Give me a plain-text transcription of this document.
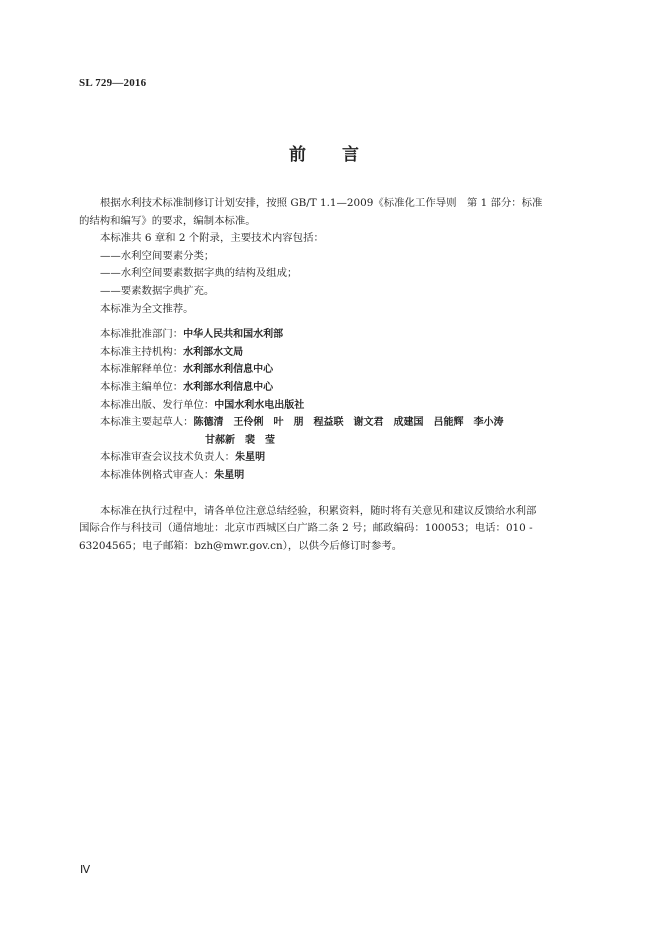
SL 729—2016
前言

根据水利技术标准制修订计划安排，按照 GB/T 1.1—2009《标准化工作导则　第 1 部分：标准

的结构和编写》的要求，编制本标准。

本标准共 6 章和 2 个附录，主要技术内容包括：

——水利空间要素分类；

——水利空间要素数据字典的结构及组成；

——要素数据字典扩充。

本标准为全文推荐。

本标准批准部门：中华人民共和国水利部

本标准主持机构：水利部水文局

本标准解释单位：水利部水利信息中心

本标准主编单位：水利部水利信息中心

本标准出版、发行单位：中国水利水电出版社

本标准主要起草人：陈德清　王伶俐　叶　朋　程益联　谢文君　成建国　吕能辉　李小涛

甘郝新　裴　莹

本标准审查会议技术负责人：朱星明

本标准体例格式审查人：朱星明

本标准在执行过程中，请各单位注意总结经验，积累资料，随时将有关意见和建议反馈给水利部

国际合作与科技司（通信地址：北京市西城区白广路二条 2 号；邮政编码：100053；电话：010 -

63204565；电子邮箱：bzh@mwr.gov.cn），以供今后修订时参考。

Ⅳ
